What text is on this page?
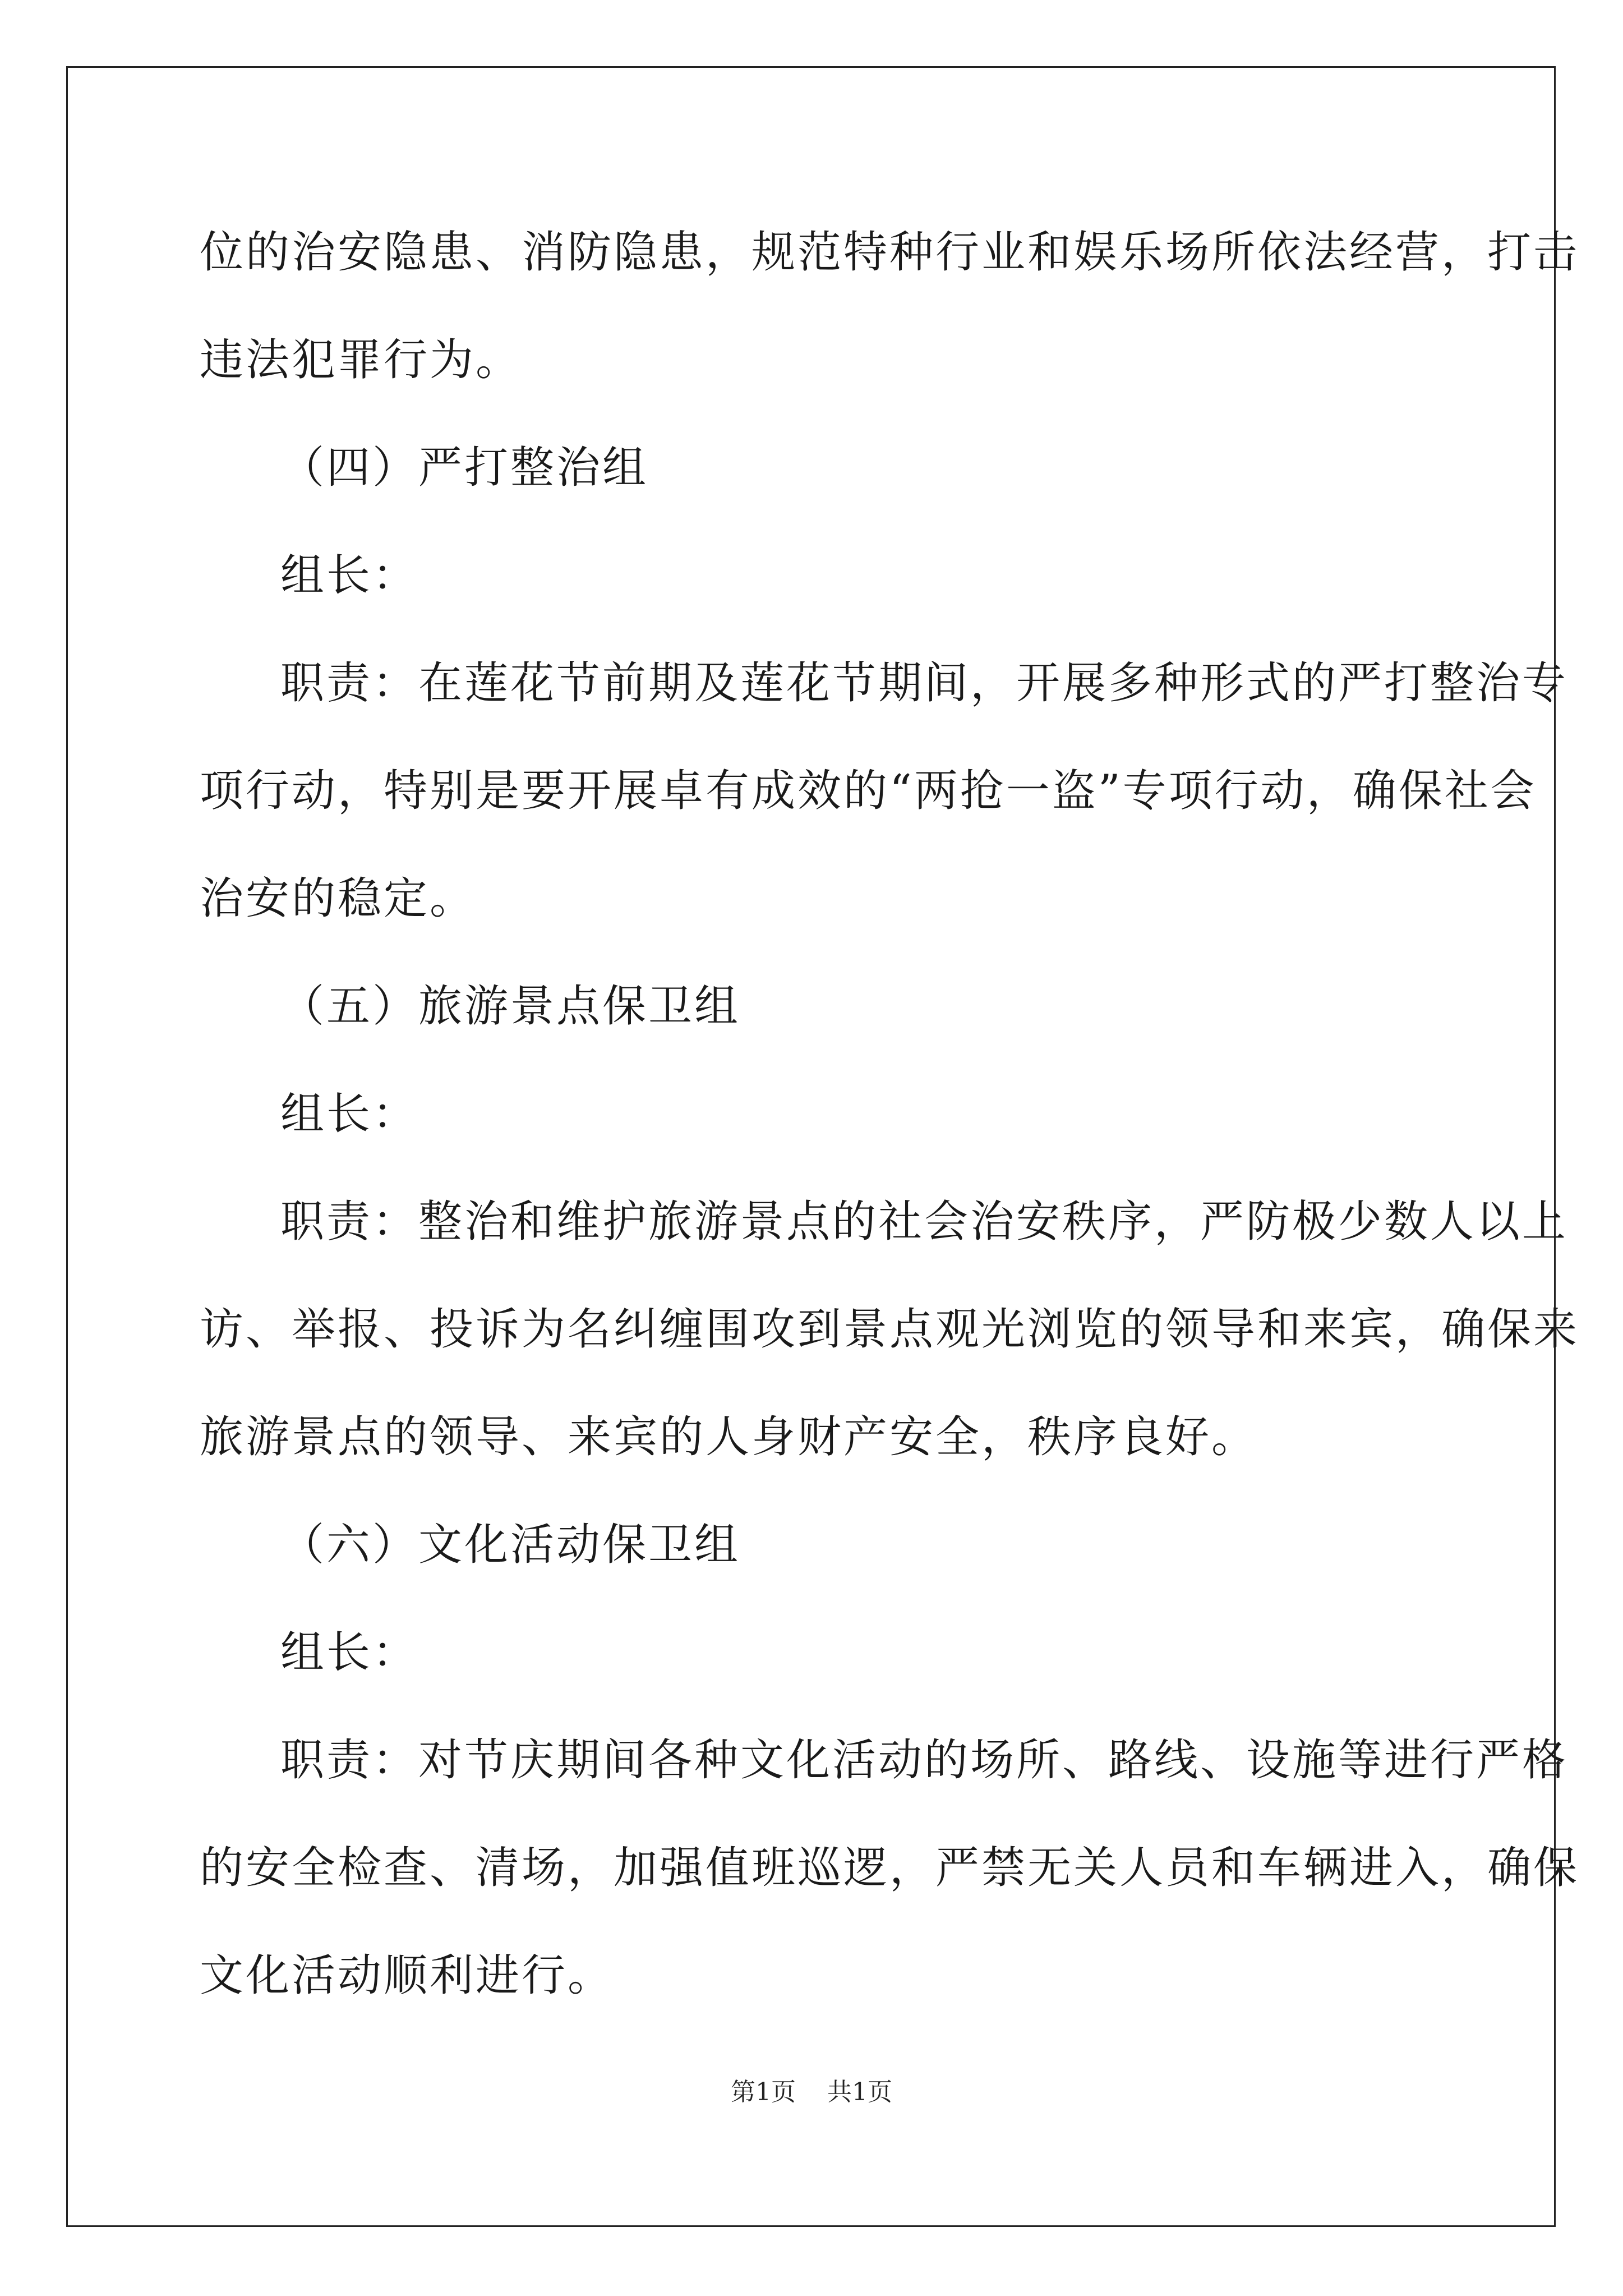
位的治安隐患、消防隐患，规范特种行业和娱乐场所依法经营，打击
违法犯罪行为。
（四）严打整治组
组长：
职责：在莲花节前期及莲花节期间，开展多种形式的严打整治专
项行动，特别是要开展卓有成效的“两抢一盗”专项行动，确保社会
治安的稳定。
（五）旅游景点保卫组
组长：
职责：整治和维护旅游景点的社会治安秩序，严防极少数人以上
访、举报、投诉为名纠缠围攻到景点观光浏览的领导和来宾，确保来
旅游景点的领导、来宾的人身财产安全，秩序良好。
（六）文化活动保卫组
组长：
职责：对节庆期间各种文化活动的场所、路线、设施等进行严格
的安全检查、清场，加强值班巡逻，严禁无关人员和车辆进入，确保
文化活动顺利进行。
第1页 共1页
